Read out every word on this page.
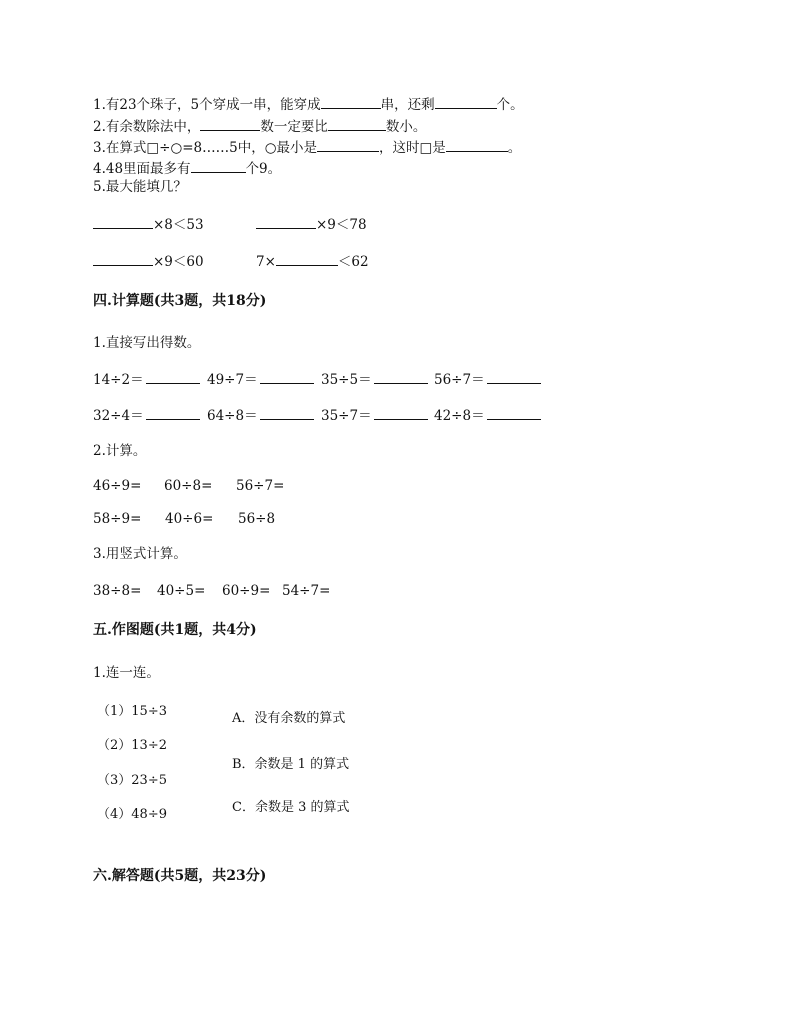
1.有23个珠子，5个穿成一串，能穿成	串，还剩	个。
2.有余数除法中，	数一定要比	数小。
3.在算式□÷○=8……5中，○最小是	，这时□是	。
4.48里面最多有	个9。
5.最大能填几？
×8＜53	×9＜78
×9＜60	7×	＜62
四.计算题(共3题，共18分)
1.直接写出得数。
14÷2＝	49÷7＝	35÷5＝	56÷7＝
32÷4＝	64÷8＝	35÷7＝	42÷8＝
2.计算。
46÷9= 60÷8= 56÷7=
58÷9= 40÷6= 56÷8
3.用竖式计算。
38÷8= 40÷5= 60÷9= 54÷7=
五.作图题(共1题，共4分)
1.连一连。
（1）15÷3
（2）13÷2
（3）23÷5
（4）48÷9
A．没有余数的算式
B．余数是 1 的算式
C．余数是 3 的算式
六.解答题(共5题，共23分)
